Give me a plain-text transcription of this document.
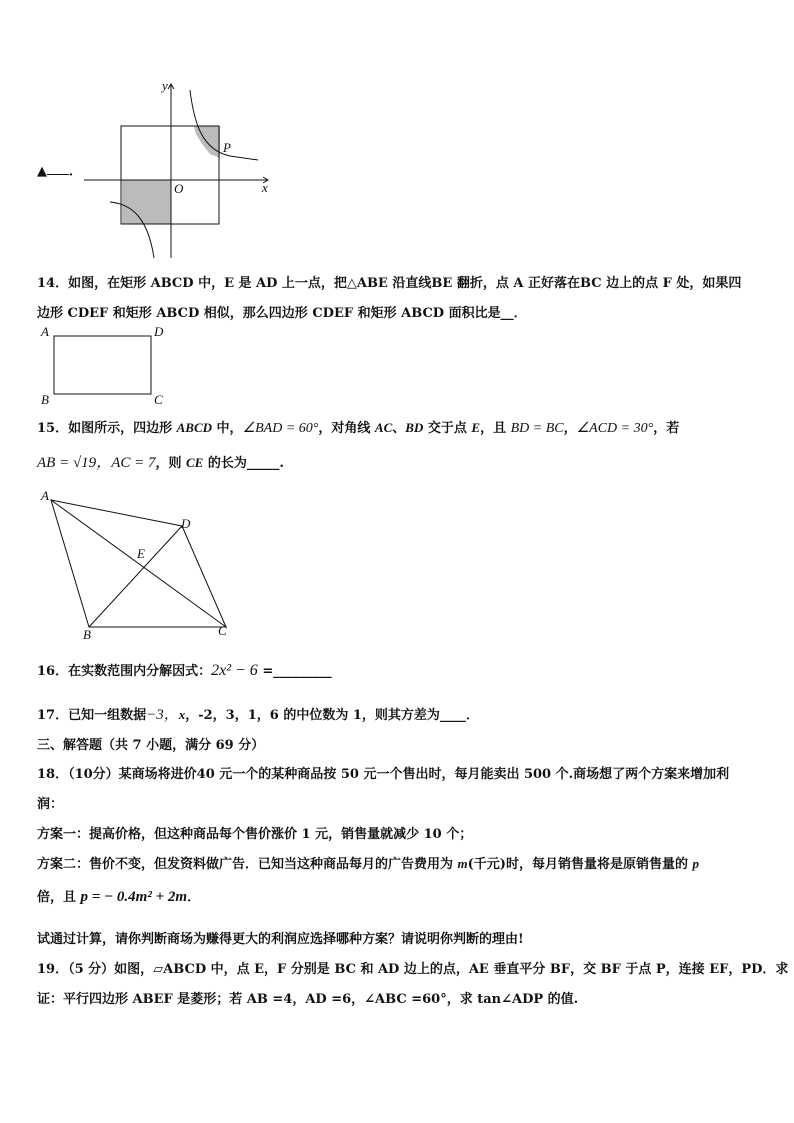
▲ ．
y
x
O
P
14．如图，在矩形 ABCD 中，E 是 AD 上一点，把△ABE 沿直线BE 翻折，点 A 正好落在BC 边上的点 F 处，如果四
边形 CDEF 和矩形 ABCD 相似，那么四边形 CDEF 和矩形 ABCD 面积比是__．
A	D
B	C
15．如图所示，四边形 ABCD 中，∠BAD = 60°，对角线 AC、BD 交于点 E，且 BD = BC，∠ACD = 30°，若
AB = √19，AC = 7，则 CE 的长为_____.
A
D
E
B	C
16．在实数范围内分解因式：2x² − 6 =_________
17．已知一组数据−3，x，-2，3，1，6 的中位数为 1，则其方差为____．
三、解答题（共 7 小题，满分 69 分）
18．（10分）某商场将进价40 元一个的某种商品按 50 元一个售出时，每月能卖出 500 个.商场想了两个方案来增加利
润：
方案一：提高价格，但这种商品每个售价涨价 1 元，销售量就减少 10 个；
方案二：售价不变，但发资料做广告．已知当这种商品每月的广告费用为 m(千元)时，每月销售量将是原销售量的 p
倍，且 p = − 0.4m² + 2m．
试通过计算，请你判断商场为赚得更大的利润应选择哪种方案？请说明你判断的理由!
19．（5 分）如图，▱ABCD 中，点 E，F 分别是 BC 和 AD 边上的点，AE 垂直平分 BF，交 BF 于点 P，连接 EF，PD．求
证：平行四边形 ABEF 是菱形；若 AB =4，AD =6，∠ABC =60°，求 tan∠ADP 的值.
